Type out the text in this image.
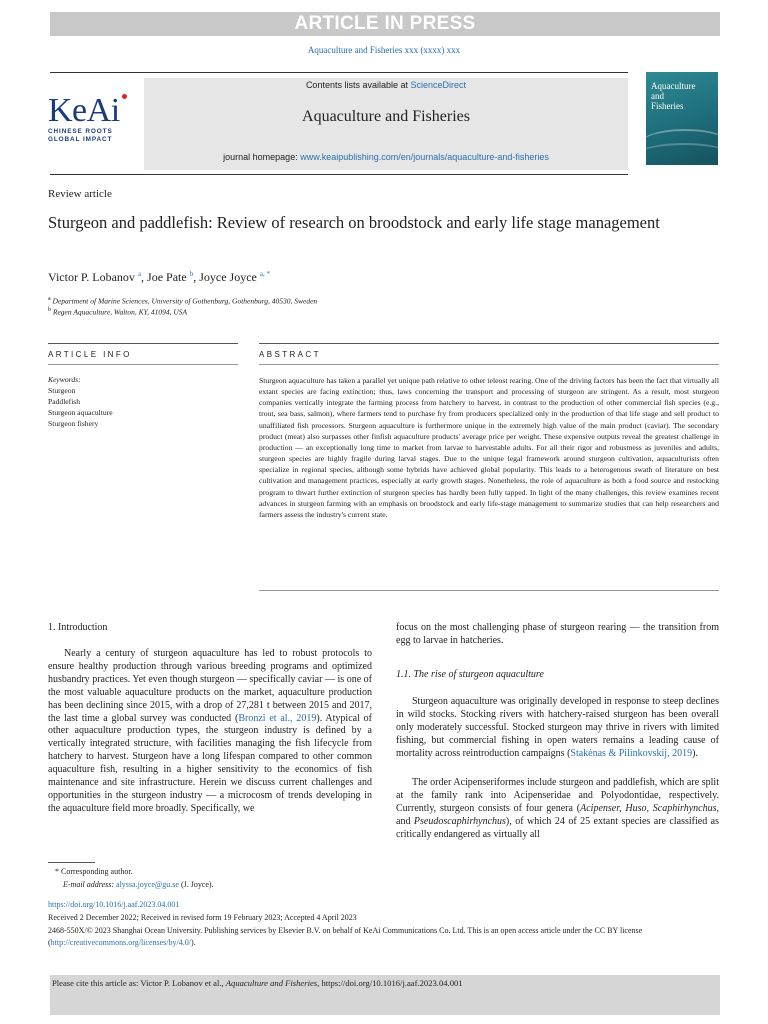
ARTICLE IN PRESS
Aquaculture and Fisheries xxx (xxxx) xxx
Contents lists available at ScienceDirect
Aquaculture and Fisheries
journal homepage: www.keaipublishing.com/en/journals/aquaculture-and-fisheries
KeAi
CHINESE ROOTS
GLOBAL IMPACT
Aquaculture
and
Fisheries
Review article
Sturgeon and paddlefish: Review of research on broodstock and early life stage management
Victor P. Lobanov $^a$, Joe Pate $^b$, Joyce Joyce $^{a, *}$
$^a$ Department of Marine Sciences, University of Gothenburg, Gothenburg, 40530, Sweden
$^b$ Regen Aquaculture, Walton, KY, 41094, USA
ARTICLE INFO	ABSTRACT
Keywords:
Sturgeon
Paddlefish
Sturgeon aquaculture
Sturgeon fishery
Sturgeon aquaculture has taken a parallel yet unique path relative to other teleost rearing. One of the driving factors has been the fact that virtually all extant species are facing extinction; thus, laws concerning the transport and processing of sturgeon are stringent. As a result, most sturgeon companies vertically integrate the farming process from hatchery to harvest, in contrast to the production of other commercial fish species (e.g., trout, sea bass, salmon), where farmers tend to purchase fry from producers specialized only in the production of that life stage and sell product to unaffiliated fish processors. Sturgeon aquaculture is furthermore unique in the extremely high value of the main product (caviar). The secondary product (meat) also surpasses other finfish aquaculture products' average price per weight. These expensive outputs reveal the greatest challenge in production — an exceptionally long time to market from larvae to harvestable adults. For all their rigor and robustness as juveniles and adults, sturgeon species are highly fragile during larval stages. Due to the unique legal framework around sturgeon cultivation, aquaculturists often specialize in regional species, although some hybrids have achieved global popularity. This leads to a heterogenous swath of literature on best cultivation and management practices, especially at early growth stages. Nonetheless, the role of aquaculture as both a food source and restocking program to thwart further extinction of sturgeon species has hardly been fully tapped. In light of the many challenges, this review examines recent advances in sturgeon farming with an emphasis on broodstock and early life-stage management to summarize studies that can help researchers and farmers assess the industry's current state.
1. Introduction
Nearly a century of sturgeon aquaculture has led to robust protocols to ensure healthy production through various breeding programs and optimized husbandry practices. Yet even though sturgeon — specifically caviar — is one of the most valuable aquaculture products on the market, aquaculture production has been declining since 2015, with a drop of 27,281 t between 2015 and 2017, the last time a global survey was conducted (Bronzi et al., 2019). Atypical of other aquaculture production types, the sturgeon industry is defined by a vertically integrated structure, with facilities managing the fish lifecycle from hatchery to harvest. Sturgeon have a long lifespan compared to other common aquaculture fish, resulting in a higher sensitivity to the economics of fish maintenance and site infrastructure. Herein we discuss current challenges and opportunities in the sturgeon industry — a microcosm of trends developing in the aquaculture field more broadly. Specifically, we
focus on the most challenging phase of sturgeon rearing — the transition from egg to larvae in hatcheries.
1.1. The rise of sturgeon aquaculture
Sturgeon aquaculture was originally developed in response to steep declines in wild stocks. Stocking rivers with hatchery-raised sturgeon has been overall only moderately successful. Stocked sturgeon may thrive in rivers with limited fishing, but commercial fishing in open waters remains a leading cause of mortality across reintroduction campaigns (Stakėnas & Pilinkovskij, 2019).
The order Acipenseriformes include sturgeon and paddlefish, which are split at the family rank into Acipenseridae and Polyodontidae, respectively. Currently, sturgeon consists of four genera (Acipenser, Huso, Scaphirhynchus, and Pseudoscaphirhynchus), of which 24 of 25 extant species are classified as critically endangered as virtually all
* Corresponding author.
E-mail address: alyssa.joyce@gu.se (J. Joyce).
https://doi.org/10.1016/j.aaf.2023.04.001
Received 2 December 2022; Received in revised form 19 February 2023; Accepted 4 April 2023
2468-550X/© 2023 Shanghai Ocean University. Publishing services by Elsevier B.V. on behalf of KeAi Communications Co. Ltd. This is an open access article under the CC BY license (http://creativecommons.org/licenses/by/4.0/).
Please cite this article as: Victor P. Lobanov et al., Aquaculture and Fisheries, https://doi.org/10.1016/j.aaf.2023.04.001
